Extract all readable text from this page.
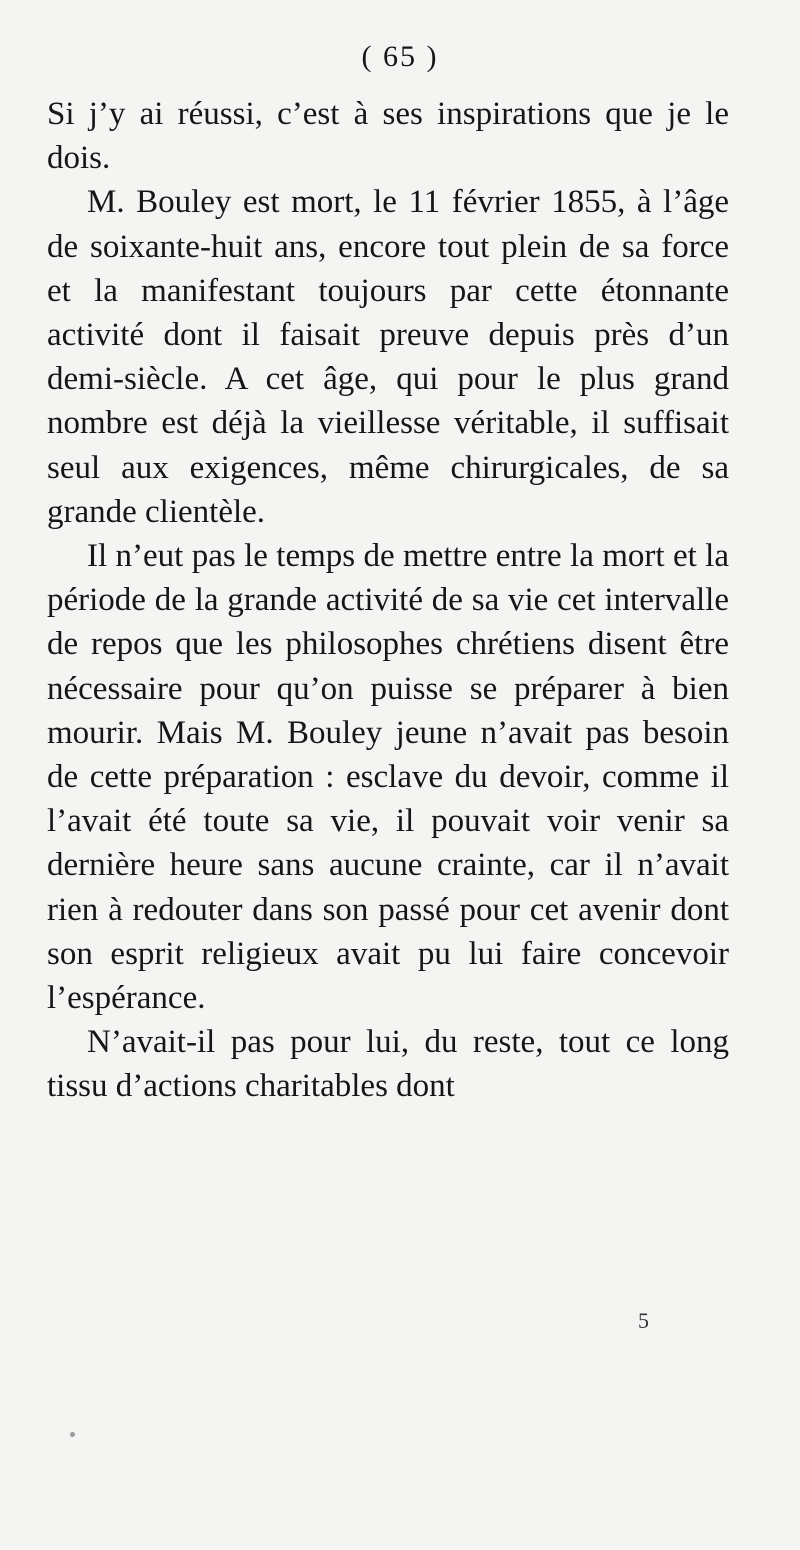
( 65 )

Si j’y ai réussi, c’est à ses inspirations que je le dois.

M. Bouley est mort, le 11 février 1855, à l’âge de soixante-huit ans, encore tout plein de sa force et la manifestant toujours par cette étonnante activité dont il faisait preuve depuis près d’un demi-siècle. A cet âge, qui pour le plus grand nombre est déjà la vieillesse véritable, il suffisait seul aux exigences, même chirurgicales, de sa grande clientèle.

Il n’eut pas le temps de mettre entre la mort et la période de la grande activité de sa vie cet intervalle de repos que les philosophes chrétiens disent être nécessaire pour qu’on puisse se préparer à bien mourir. Mais M. Bouley jeune n’avait pas besoin de cette préparation : esclave du devoir, comme il l’avait été toute sa vie, il pouvait voir venir sa dernière heure sans aucune crainte, car il n’avait rien à redouter dans son passé pour cet avenir dont son esprit religieux avait pu lui faire concevoir l’espérance.

N’avait-il pas pour lui, du reste, tout ce long tissu d’actions charitables dont

5
